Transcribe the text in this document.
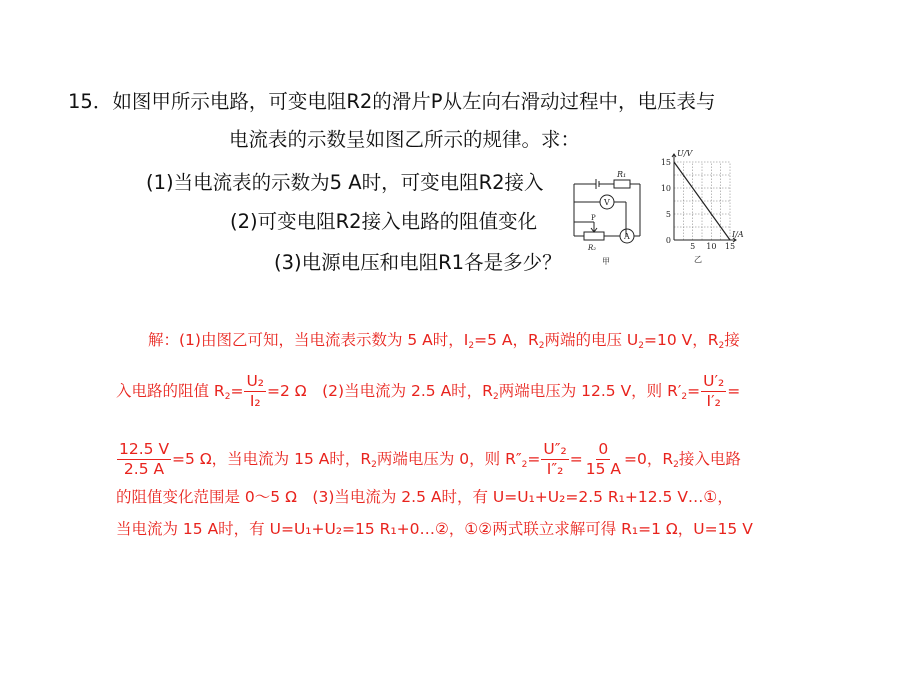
15．如图甲所示电路，可变电阻R2的滑片P从左向右滑动过程中，电压表与
电流表的示数呈如图乙所示的规律。求：
(1)当电流表的示数为5 A时，可变电阻R2接入
(2)可变电阻R2接入电路的阻值变化
(3)电源电压和电阻R1各是多少？
R₁
V
A
P
R₂
甲
5 10 15
0
5
10
15
I/A
U/V
乙
解：(1)由图乙可知，当电流表示数为 5 A时，$I_2=5$ A，$R_2$两端的电压 $U_2=10$ V，$R_2$接
入电路的阻值 $R_2= \frac{\text{U₂}}{\text{I₂}} =2$ Ω　(2)当电流为 2.5 A时，$R_2$两端电压为 12.5 V，则 $R'_2= \frac{\text{U′₂}}{\text{I′₂}}$ =
$\frac{12.5 V}{2.5 A} =5$ Ω，当电流为 15 A时，$R_2$两端电压为 0，则 $R''_2= \frac{\text{U″₂}}{\text{I″₂}} = \frac{0}{15 A} =0$，$R_2$接入电路
的阻值变化范围是 0～5 Ω　(3)当电流为 2.5 A时，有 U=U₁+U₂=2.5 R₁+12.5 V…①，
当电流为 15 A时，有 U=U₁+U₂=15 R₁+0…②，①②两式联立求解可得 R₁=1 Ω，U=15 V
